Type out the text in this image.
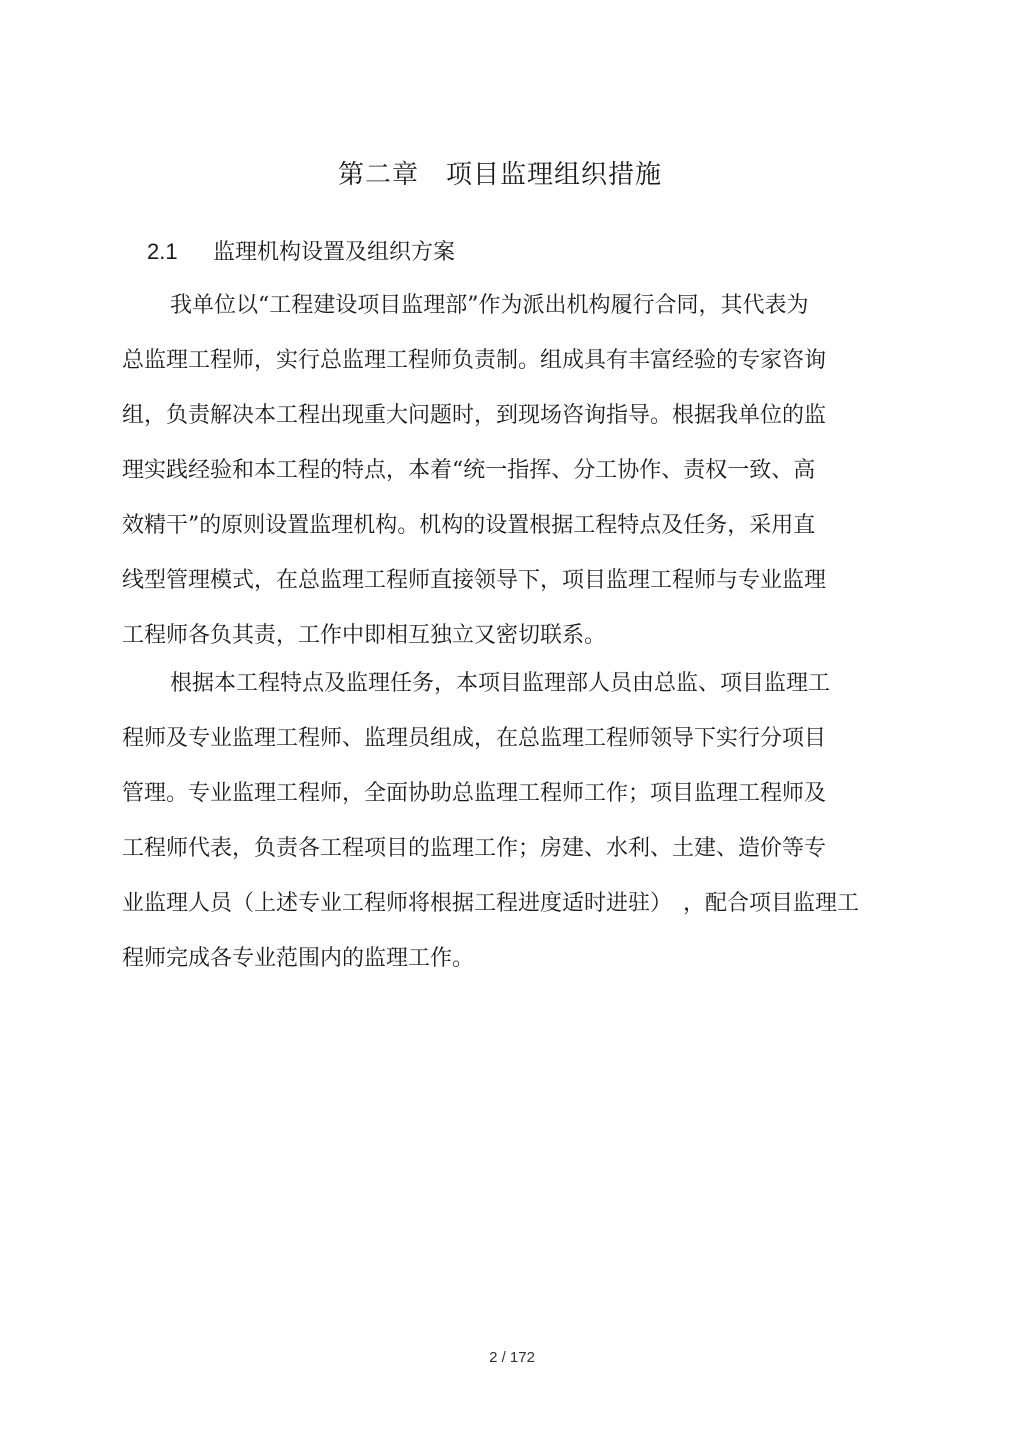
第二章　项目监理组织措施
2.1 监理机构设置及组织方案
我单位以“工程建设项目监理部”作为派出机构履行合同，其代表为
总监理工程师，实行总监理工程师负责制。组成具有丰富经验的专家咨询
组，负责解决本工程出现重大问题时，到现场咨询指导。根据我单位的监
理实践经验和本工程的特点，本着“统一指挥、分工协作、责权一致、高
效精干”的原则设置监理机构。机构的设置根据工程特点及任务，采用直
线型管理模式，在总监理工程师直接领导下，项目监理工程师与专业监理
工程师各负其责，工作中即相互独立又密切联系。
根据本工程特点及监理任务，本项目监理部人员由总监、项目监理工
程师及专业监理工程师、监理员组成，在总监理工程师领导下实行分项目
管理。专业监理工程师，全面协助总监理工程师工作；项目监理工程师及
工程师代表，负责各工程项目的监理工作；房建、水利、土建、造价等专
业监理人员（上述专业工程师将根据工程进度适时进驻）　，配合项目监理工
程师完成各专业范围内的监理工作。
2 / 172
